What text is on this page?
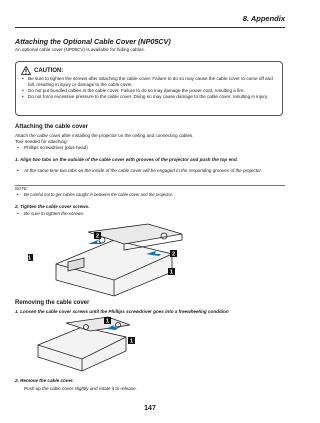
8. Appendix
Attaching the Optional Cable Cover (NP05CV)
An optional cable cover (NP05CV) is available for hiding cables.
CAUTION:
• Be sure to tighten the screws after attaching the cable cover. Failure to do so may cause the cable cover to come off and fall, resulting in injury or damage to the cable cover.
• Do not put bundled cables in the cable cover. Failure to do so may damage the power cord, resulting a fire.
• Do not force excessive pressure to the cable cover. Doing so may cause damage to the cable cover, resulting in injury.
Attaching the cable cover
Attach the cable cover after installing the projector on the ceiling and connecting cables.
Tool needed for attaching:
• Phillips screwdriver (plus-head)
1. Align two tabs on the outside of the cable cover with grooves of the projector and push the top end.
• At the same time two tabs on the inside of the cable cover will be engaged in the responding grooves of the projector.
NOTE:
• Be careful not to get cables caught in between the cable cover and the projector.
2. Tighten the cable cover screws.
• Be sure to tighten the screws.
1
2
2
1
Removing the cable cover
1. Loosen the cable cover screws until the Phillips screwdriver goes into a freewheeling condition
1
1
2. Remove the cable cover.
Push up the cable cover slightly and rotate it to release.
147
